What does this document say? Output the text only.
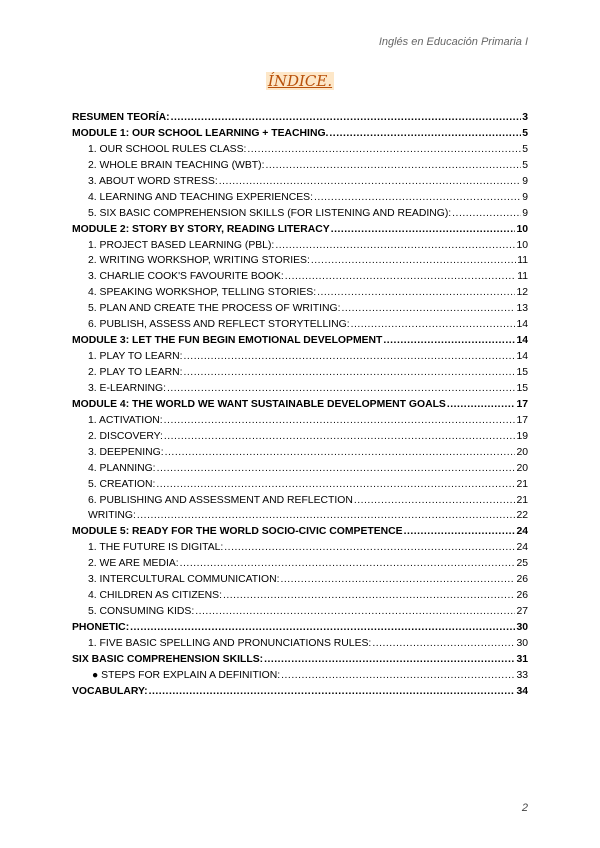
Inglés en Educación Primaria I
ÍNDICE.
RESUMEN TEORÍA: .....	3
MODULE 1: OUR SCHOOL LEARNING + TEACHING. .....	5
1. OUR SCHOOL RULES CLASS: .....	5
2. WHOLE BRAIN TEACHING (WBT): .....	5
3. ABOUT WORD STRESS: .....	9
4. LEARNING AND TEACHING EXPERIENCES: .....	9
5. SIX BASIC COMPREHENSION SKILLS (FOR LISTENING AND READING): .....	9
MODULE 2: STORY BY STORY, READING LITERACY .....	10
1. PROJECT BASED LEARNING (PBL): .....	10
2. WRITING WORKSHOP, WRITING STORIES: .....	11
3. CHARLIE COOK'S FAVOURITE BOOK: .....	11
4. SPEAKING WORKSHOP, TELLING STORIES: .....	12
5. PLAN AND CREATE THE PROCESS OF WRITING: .....	13
6. PUBLISH, ASSESS AND REFLECT STORYTELLING: .....	14
MODULE 3: LET THE FUN BEGIN EMOTIONAL DEVELOPMENT .....	14
1. PLAY TO LEARN: .....	14
2. PLAY TO LEARN: .....	15
3. E-LEARNING: .....	15
MODULE 4: THE WORLD WE WANT SUSTAINABLE DEVELOPMENT GOALS .....	17
1. ACTIVATION: .....	17
2. DISCOVERY: .....	19
3. DEEPENING: .....	20
4. PLANNING: .....	20
5. CREATION: .....	21
6. PUBLISHING AND ASSESSMENT AND REFLECTION .....	21
WRITING: .....	22
MODULE 5: READY FOR THE WORLD SOCIO-CIVIC COMPETENCE .....	24
1. THE FUTURE IS DIGITAL: .....	24
2. WE ARE MEDIA: .....	25
3. INTERCULTURAL COMMUNICATION: .....	26
4. CHILDREN AS CITIZENS: .....	26
5. CONSUMING KIDS: .....	27
PHONETIC: .....	30
1. FIVE BASIC SPELLING AND PRONUNCIATIONS RULES: .....	30
SIX BASIC COMPREHENSION SKILLS: .....	31
● STEPS FOR EXPLAIN A DEFINITION: .....	33
VOCABULARY: .....	34
2
